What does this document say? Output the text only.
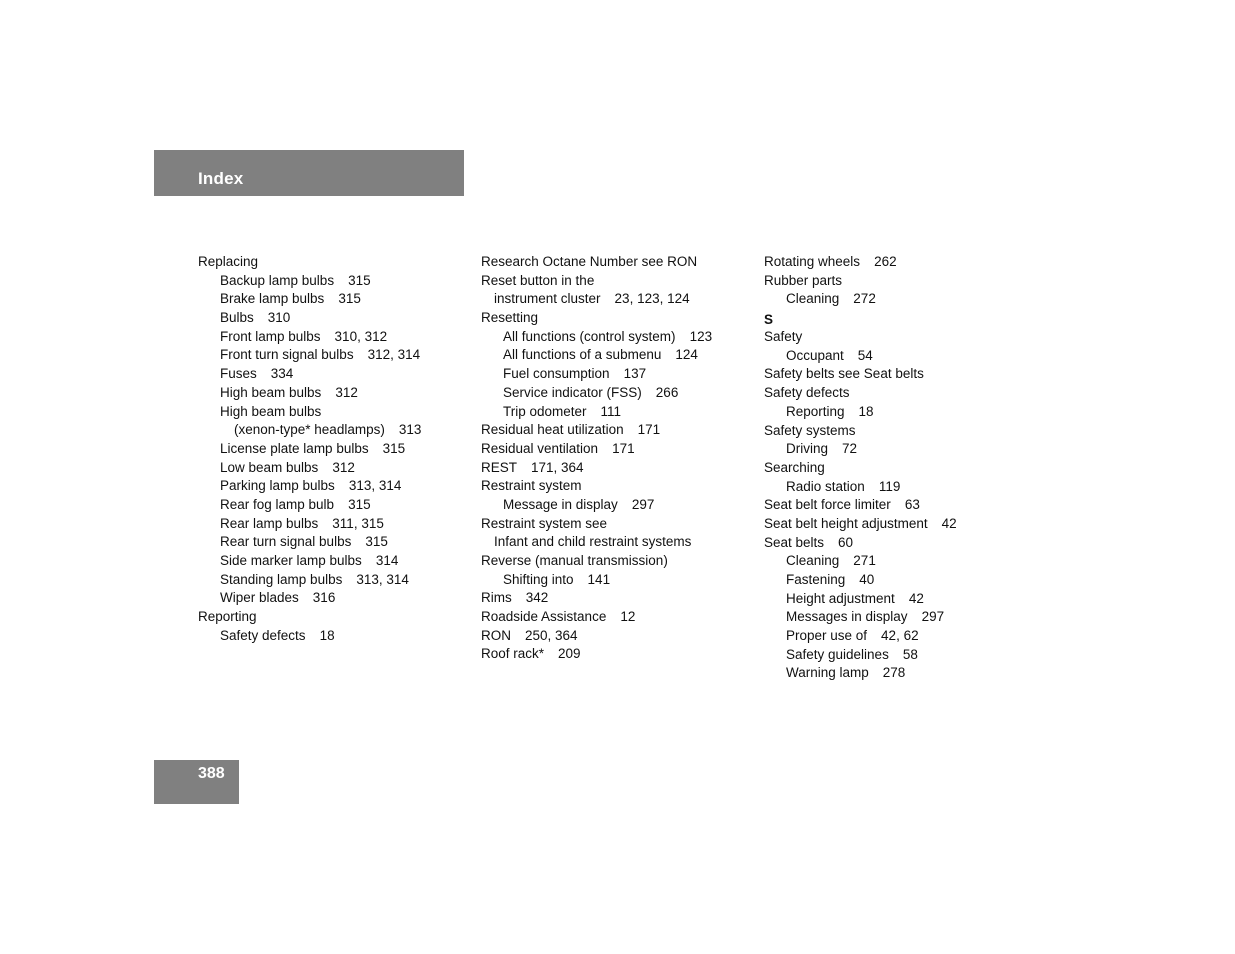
Index
Replacing
Backup lamp bulbs 315
Brake lamp bulbs 315
Bulbs 310
Front lamp bulbs 310, 312
Front turn signal bulbs 312, 314
Fuses 334
High beam bulbs 312
High beam bulbs
(xenon-type* headlamps) 313
License plate lamp bulbs 315
Low beam bulbs 312
Parking lamp bulbs 313, 314
Rear fog lamp bulb 315
Rear lamp bulbs 311, 315
Rear turn signal bulbs 315
Side marker lamp bulbs 314
Standing lamp bulbs 313, 314
Wiper blades 316
Reporting
Safety defects 18
Research Octane Number see RON
Reset button in the
instrument cluster 23, 123, 124
Resetting
All functions (control system) 123
All functions of a submenu 124
Fuel consumption 137
Service indicator (FSS) 266
Trip odometer 111
Residual heat utilization 171
Residual ventilation 171
REST 171, 364
Restraint system
Message in display 297
Restraint system see
Infant and child restraint systems
Reverse (manual transmission)
Shifting into 141
Rims 342
Roadside Assistance 12
RON 250, 364
Roof rack* 209
Rotating wheels 262
Rubber parts
Cleaning 272
S
Safety
Occupant 54
Safety belts see Seat belts
Safety defects
Reporting 18
Safety systems
Driving 72
Searching
Radio station 119
Seat belt force limiter 63
Seat belt height adjustment 42
Seat belts 60
Cleaning 271
Fastening 40
Height adjustment 42
Messages in display 297
Proper use of 42, 62
Safety guidelines 58
Warning lamp 278
388
